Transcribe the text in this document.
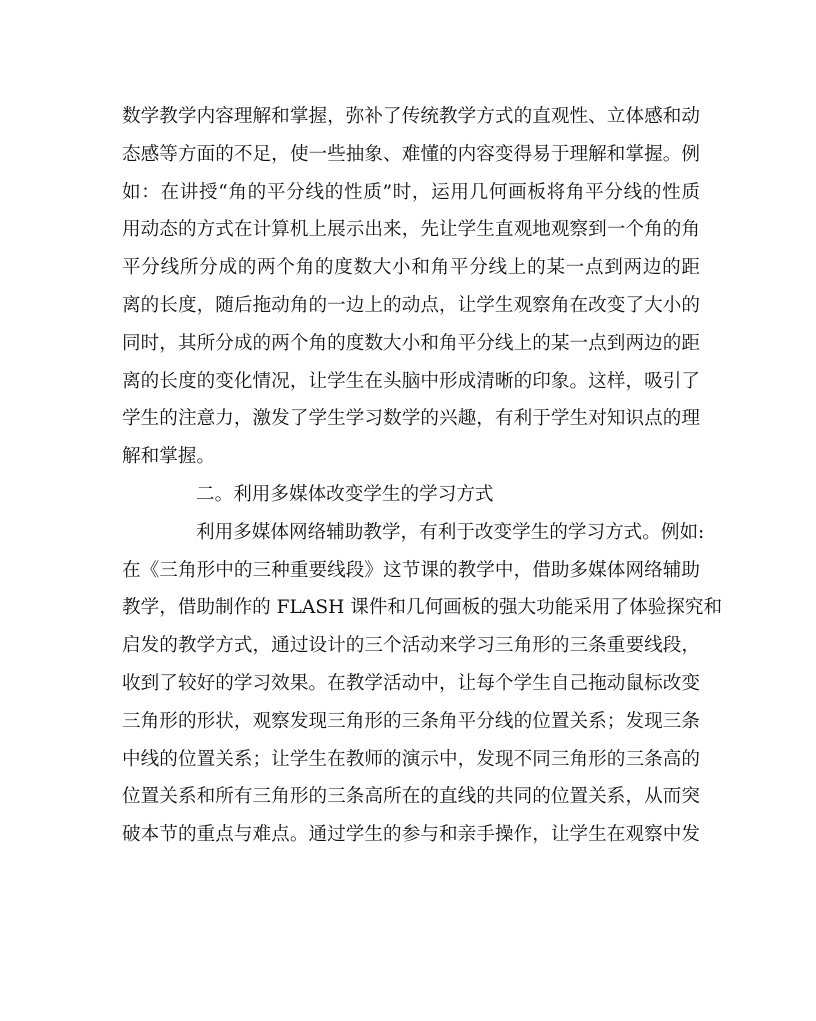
数学教学内容理解和掌握，弥补了传统教学方式的直观性、立体感和动
态感等方面的不足，使一些抽象、难懂的内容变得易于理解和掌握。例
如：在讲授“角的平分线的性质”时，运用几何画板将角平分线的性质
用动态的方式在计算机上展示出来，先让学生直观地观察到一个角的角
平分线所分成的两个角的度数大小和角平分线上的某一点到两边的距
离的长度，随后拖动角的一边上的动点，让学生观察角在改变了大小的
同时，其所分成的两个角的度数大小和角平分线上的某一点到两边的距
离的长度的变化情况，让学生在头脑中形成清晰的印象。这样，吸引了
学生的注意力，激发了学生学习数学的兴趣，有利于学生对知识点的理
解和掌握。
二。利用多媒体改变学生的学习方式
利用多媒体网络辅助教学，有利于改变学生的学习方式。例如:
在《三角形中的三种重要线段》这节课的教学中，借助多媒体网络辅助
教学，借助制作的 FLASH 课件和几何画板的强大功能采用了体验探究和
启发的教学方式，通过设计的三个活动来学习三角形的三条重要线段，
收到了较好的学习效果。在教学活动中，让每个学生自己拖动鼠标改变
三角形的形状，观察发现三角形的三条角平分线的位置关系；发现三条
中线的位置关系；让学生在教师的演示中，发现不同三角形的三条高的
位置关系和所有三角形的三条高所在的直线的共同的位置关系，从而突
破本节的重点与难点。通过学生的参与和亲手操作，让学生在观察中发
